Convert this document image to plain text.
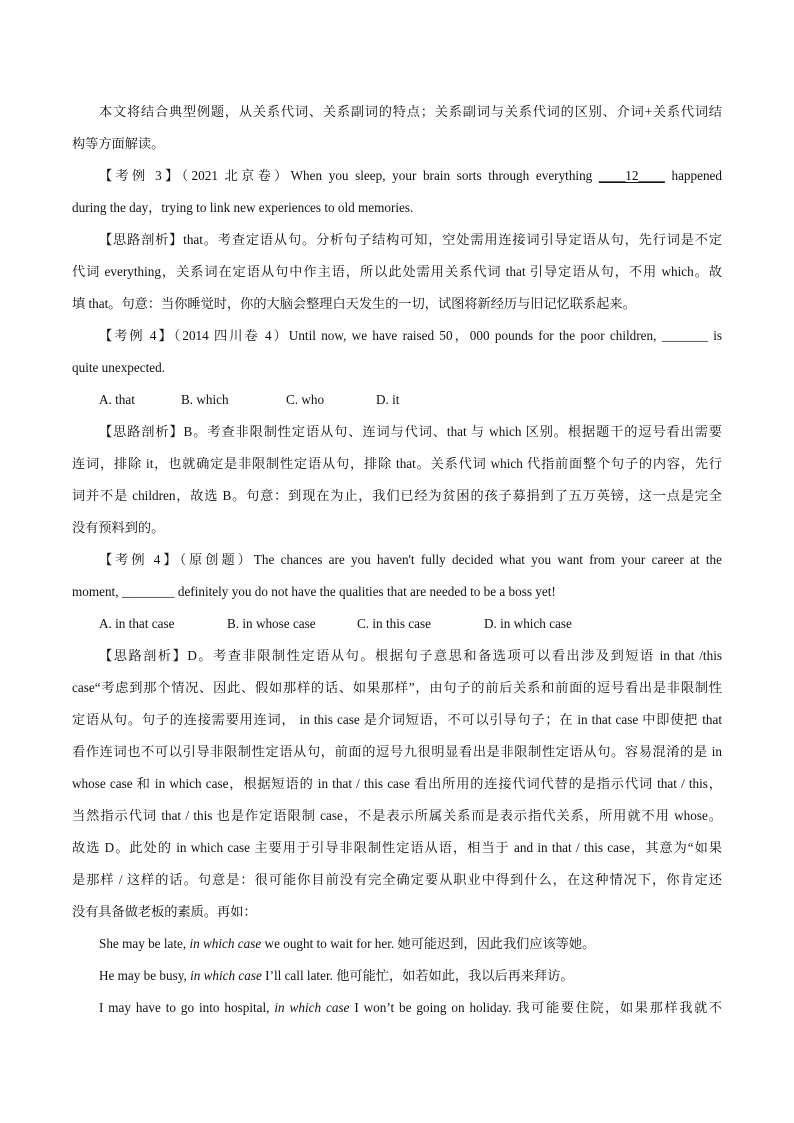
本文将结合典型例题，从关系代词、关系副词的特点；关系副词与关系代词的区别、介词+关系代词结
构等方面解读。
【考例 3】（2021 北京卷）When you sleep, your brain sorts through everything ____12____ happened
during the day，trying to link new experiences to old memories.
【思路剖析】that。考查定语从句。分析句子结构可知，空处需用连接词引导定语从句，先行词是不定
代词 everything，关系词在定语从句中作主语，所以此处需用关系代词 that 引导定语从句，不用 which。故
填 that。句意：当你睡觉时，你的大脑会整理白天发生的一切，试图将新经历与旧记忆联系起来。
【考例 4】（2014 四川卷 4）Until now, we have raised 50，000 pounds for the poor children, _______ is
quite unexpected.
A. that	B. which	C. who	D. it
【思路剖析】B。考查非限制性定语从句、连词与代词、that 与 which 区别。根据题干的逗号看出需要
连词，排除 it，也就确定是非限制性定语从句，排除 that。关系代词 which 代指前面整个句子的内容，先行
词并不是 children，故选 B。句意：到现在为止，我们已经为贫困的孩子募捐到了五万英镑，这一点是完全
没有预料到的。
【考例 4】（原创题）The chances are you haven't fully decided what you want from your career at the
moment, ________ definitely you do not have the qualities that are needed to be a boss yet!
A. in that case	B. in whose case	C. in this case	D. in which case
【思路剖析】D。考查非限制性定语从句。根据句子意思和备选项可以看出涉及到短语 in that /this
case“考虑到那个情况、因此、假如那样的话、如果那样”，由句子的前后关系和前面的逗号看出是非限制性
定语从句。句子的连接需要用连词， in this case 是介词短语，不可以引导句子；在 in that case 中即使把 that
看作连词也不可以引导非限制性定语从句，前面的逗号九很明显看出是非限制性定语从句。容易混淆的是 in
whose case 和 in which case，根据短语的 in that / this case 看出所用的连接代词代替的是指示代词 that / this，
当然指示代词 that / this 也是作定语限制 case，不是表示所属关系而是表示指代关系，所用就不用 whose。
故选 D。此处的 in which case 主要用于引导非限制性定语从语，相当于 and in that / this case，其意为“如果
是那样 / 这样的话。句意是：很可能你目前没有完全确定要从职业中得到什么，在这种情况下，你肯定还
没有具备做老板的素质。再如：
She may be late, in which case we ought to wait for her. 她可能迟到，因此我们应该等她。
He may be busy, in which case I’ll call later. 他可能忙，如若如此，我以后再来拜访。
I may have to go into hospital, in which case I won’t be going on holiday. 我可能要住院，如果那样我就不
